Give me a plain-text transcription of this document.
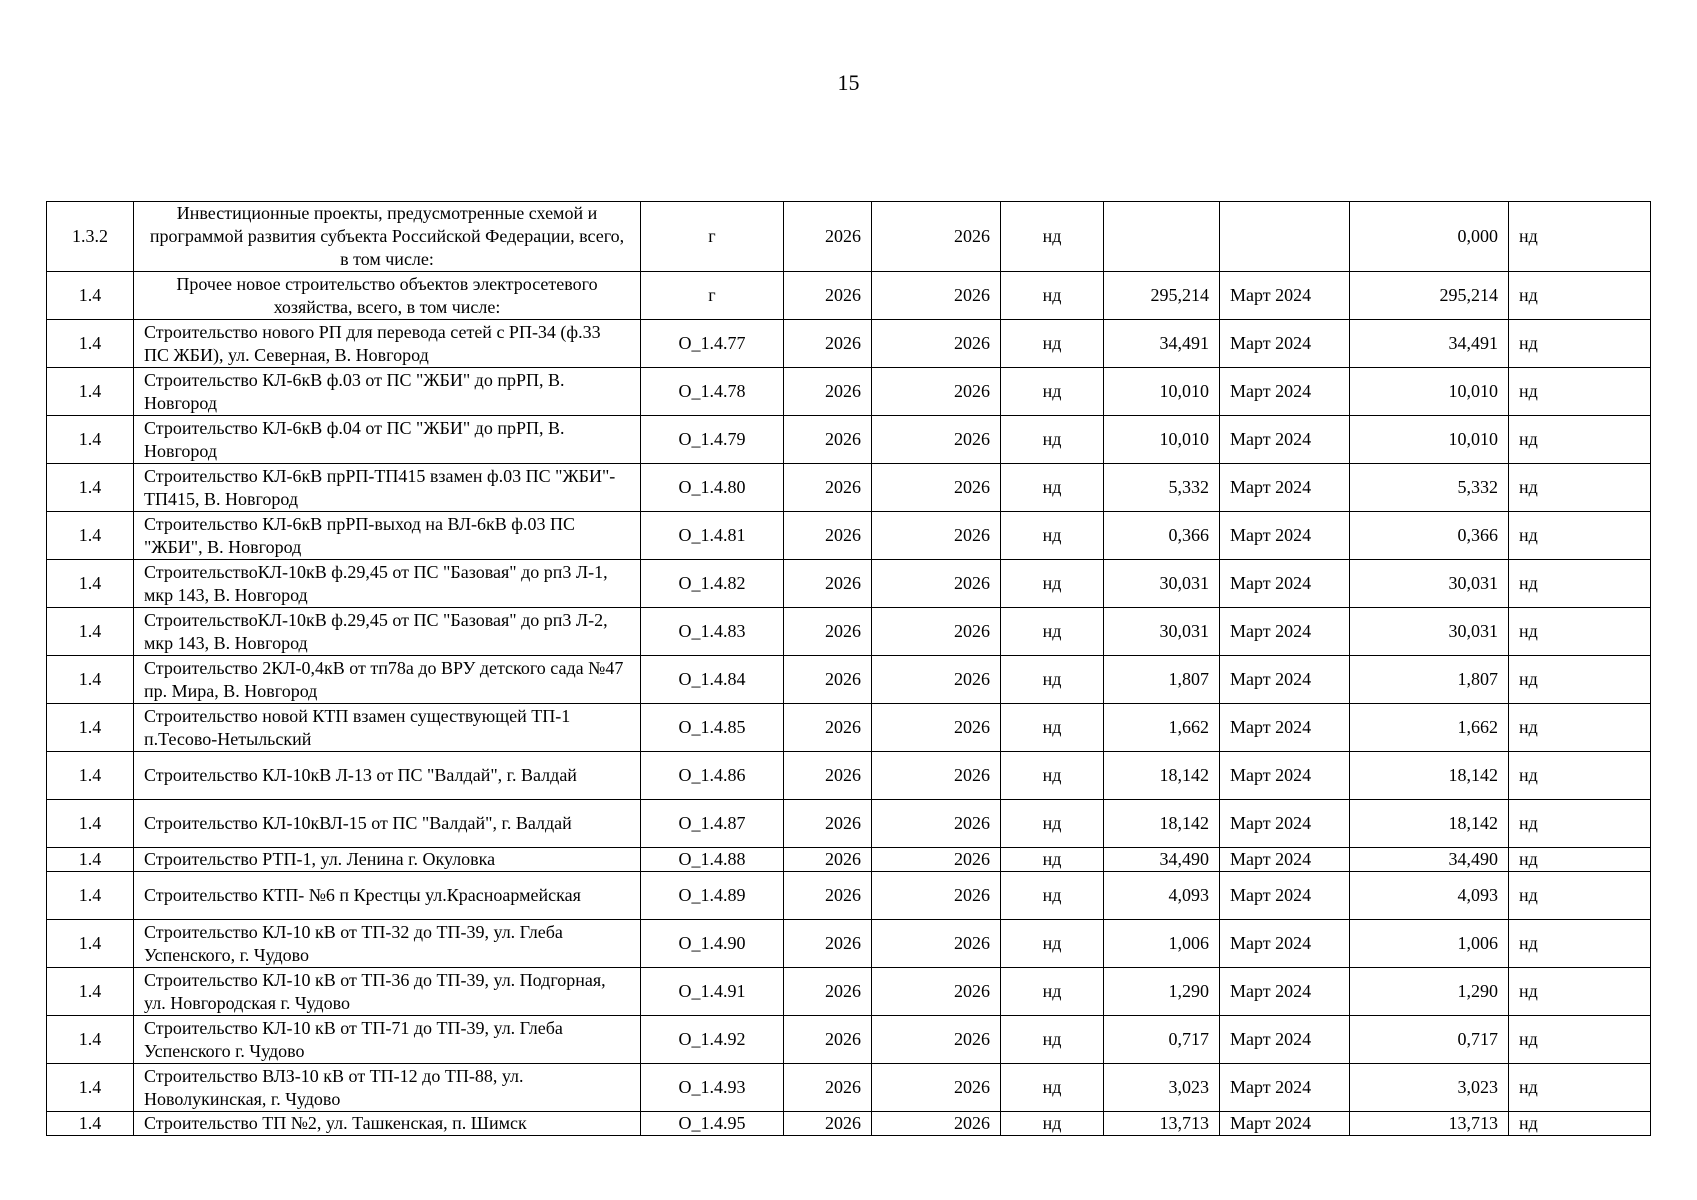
15
1.3.2	Инвестиционные проекты, предусмотренные схемой и программой развития субъекта Российской Федерации, всего, в том числе:	г	2026	2026	нд			0,000	нд
1.4	Прочее новое строительство объектов электросетевого хозяйства, всего, в том числе:	г	2026	2026	нд	295,214	Март 2024	295,214	нд
1.4	Строительство нового РП для перевода сетей с РП-34 (ф.33 ПС ЖБИ), ул. Северная, В. Новгород	O_1.4.77	2026	2026	нд	34,491	Март 2024	34,491	нд
1.4	Строительство КЛ-6кВ ф.03 от ПС "ЖБИ" до прРП, В. Новгород	O_1.4.78	2026	2026	нд	10,010	Март 2024	10,010	нд
1.4	Строительство КЛ-6кВ ф.04 от ПС "ЖБИ" до прРП, В. Новгород	O_1.4.79	2026	2026	нд	10,010	Март 2024	10,010	нд
1.4	Строительство КЛ-6кВ прРП-ТП415 взамен ф.03 ПС "ЖБИ"-ТП415, В. Новгород	O_1.4.80	2026	2026	нд	5,332	Март 2024	5,332	нд
1.4	Строительство КЛ-6кВ прРП-выход на ВЛ-6кВ ф.03 ПС "ЖБИ", В. Новгород	O_1.4.81	2026	2026	нд	0,366	Март 2024	0,366	нд
1.4	СтроительствоКЛ-10кВ ф.29,45 от ПС "Базовая" до рп3 Л-1, мкр 143, В. Новгород	O_1.4.82	2026	2026	нд	30,031	Март 2024	30,031	нд
1.4	СтроительствоКЛ-10кВ ф.29,45 от ПС "Базовая" до рп3 Л-2, мкр 143, В. Новгород	O_1.4.83	2026	2026	нд	30,031	Март 2024	30,031	нд
1.4	Строительство 2КЛ-0,4кВ от тп78а до ВРУ детского сада №47 пр. Мира, В. Новгород	O_1.4.84	2026	2026	нд	1,807	Март 2024	1,807	нд
1.4	Строительство новой КТП взамен существующей ТП-1 п.Тесово-Нетыльский	O_1.4.85	2026	2026	нд	1,662	Март 2024	1,662	нд
1.4	Строительство КЛ-10кВ Л-13 от ПС "Валдай", г. Валдай	O_1.4.86	2026	2026	нд	18,142	Март 2024	18,142	нд
1.4	Строительство КЛ-10кВЛ-15 от ПС "Валдай", г. Валдай	O_1.4.87	2026	2026	нд	18,142	Март 2024	18,142	нд
1.4	Строительство РТП-1, ул. Ленина г. Окуловка	O_1.4.88	2026	2026	нд	34,490	Март 2024	34,490	нд
1.4	Строительство КТП- №6 п Крестцы ул.Красноармейская	O_1.4.89	2026	2026	нд	4,093	Март 2024	4,093	нд
1.4	Строительство КЛ-10 кВ от ТП-32 до ТП-39, ул. Глеба Успенского, г. Чудово	O_1.4.90	2026	2026	нд	1,006	Март 2024	1,006	нд
1.4	Строительство КЛ-10 кВ от ТП-36 до ТП-39, ул. Подгорная, ул. Новгородская г. Чудово	O_1.4.91	2026	2026	нд	1,290	Март 2024	1,290	нд
1.4	Строительство КЛ-10 кВ от ТП-71 до ТП-39, ул. Глеба Успенского г. Чудово	O_1.4.92	2026	2026	нд	0,717	Март 2024	0,717	нд
1.4	Строительство ВЛЗ-10 кВ от ТП-12 до ТП-88, ул. Новолукинская, г. Чудово	O_1.4.93	2026	2026	нд	3,023	Март 2024	3,023	нд
1.4	Строительство ТП №2, ул. Ташкенская, п. Шимск	O_1.4.95	2026	2026	нд	13,713	Март 2024	13,713	нд
